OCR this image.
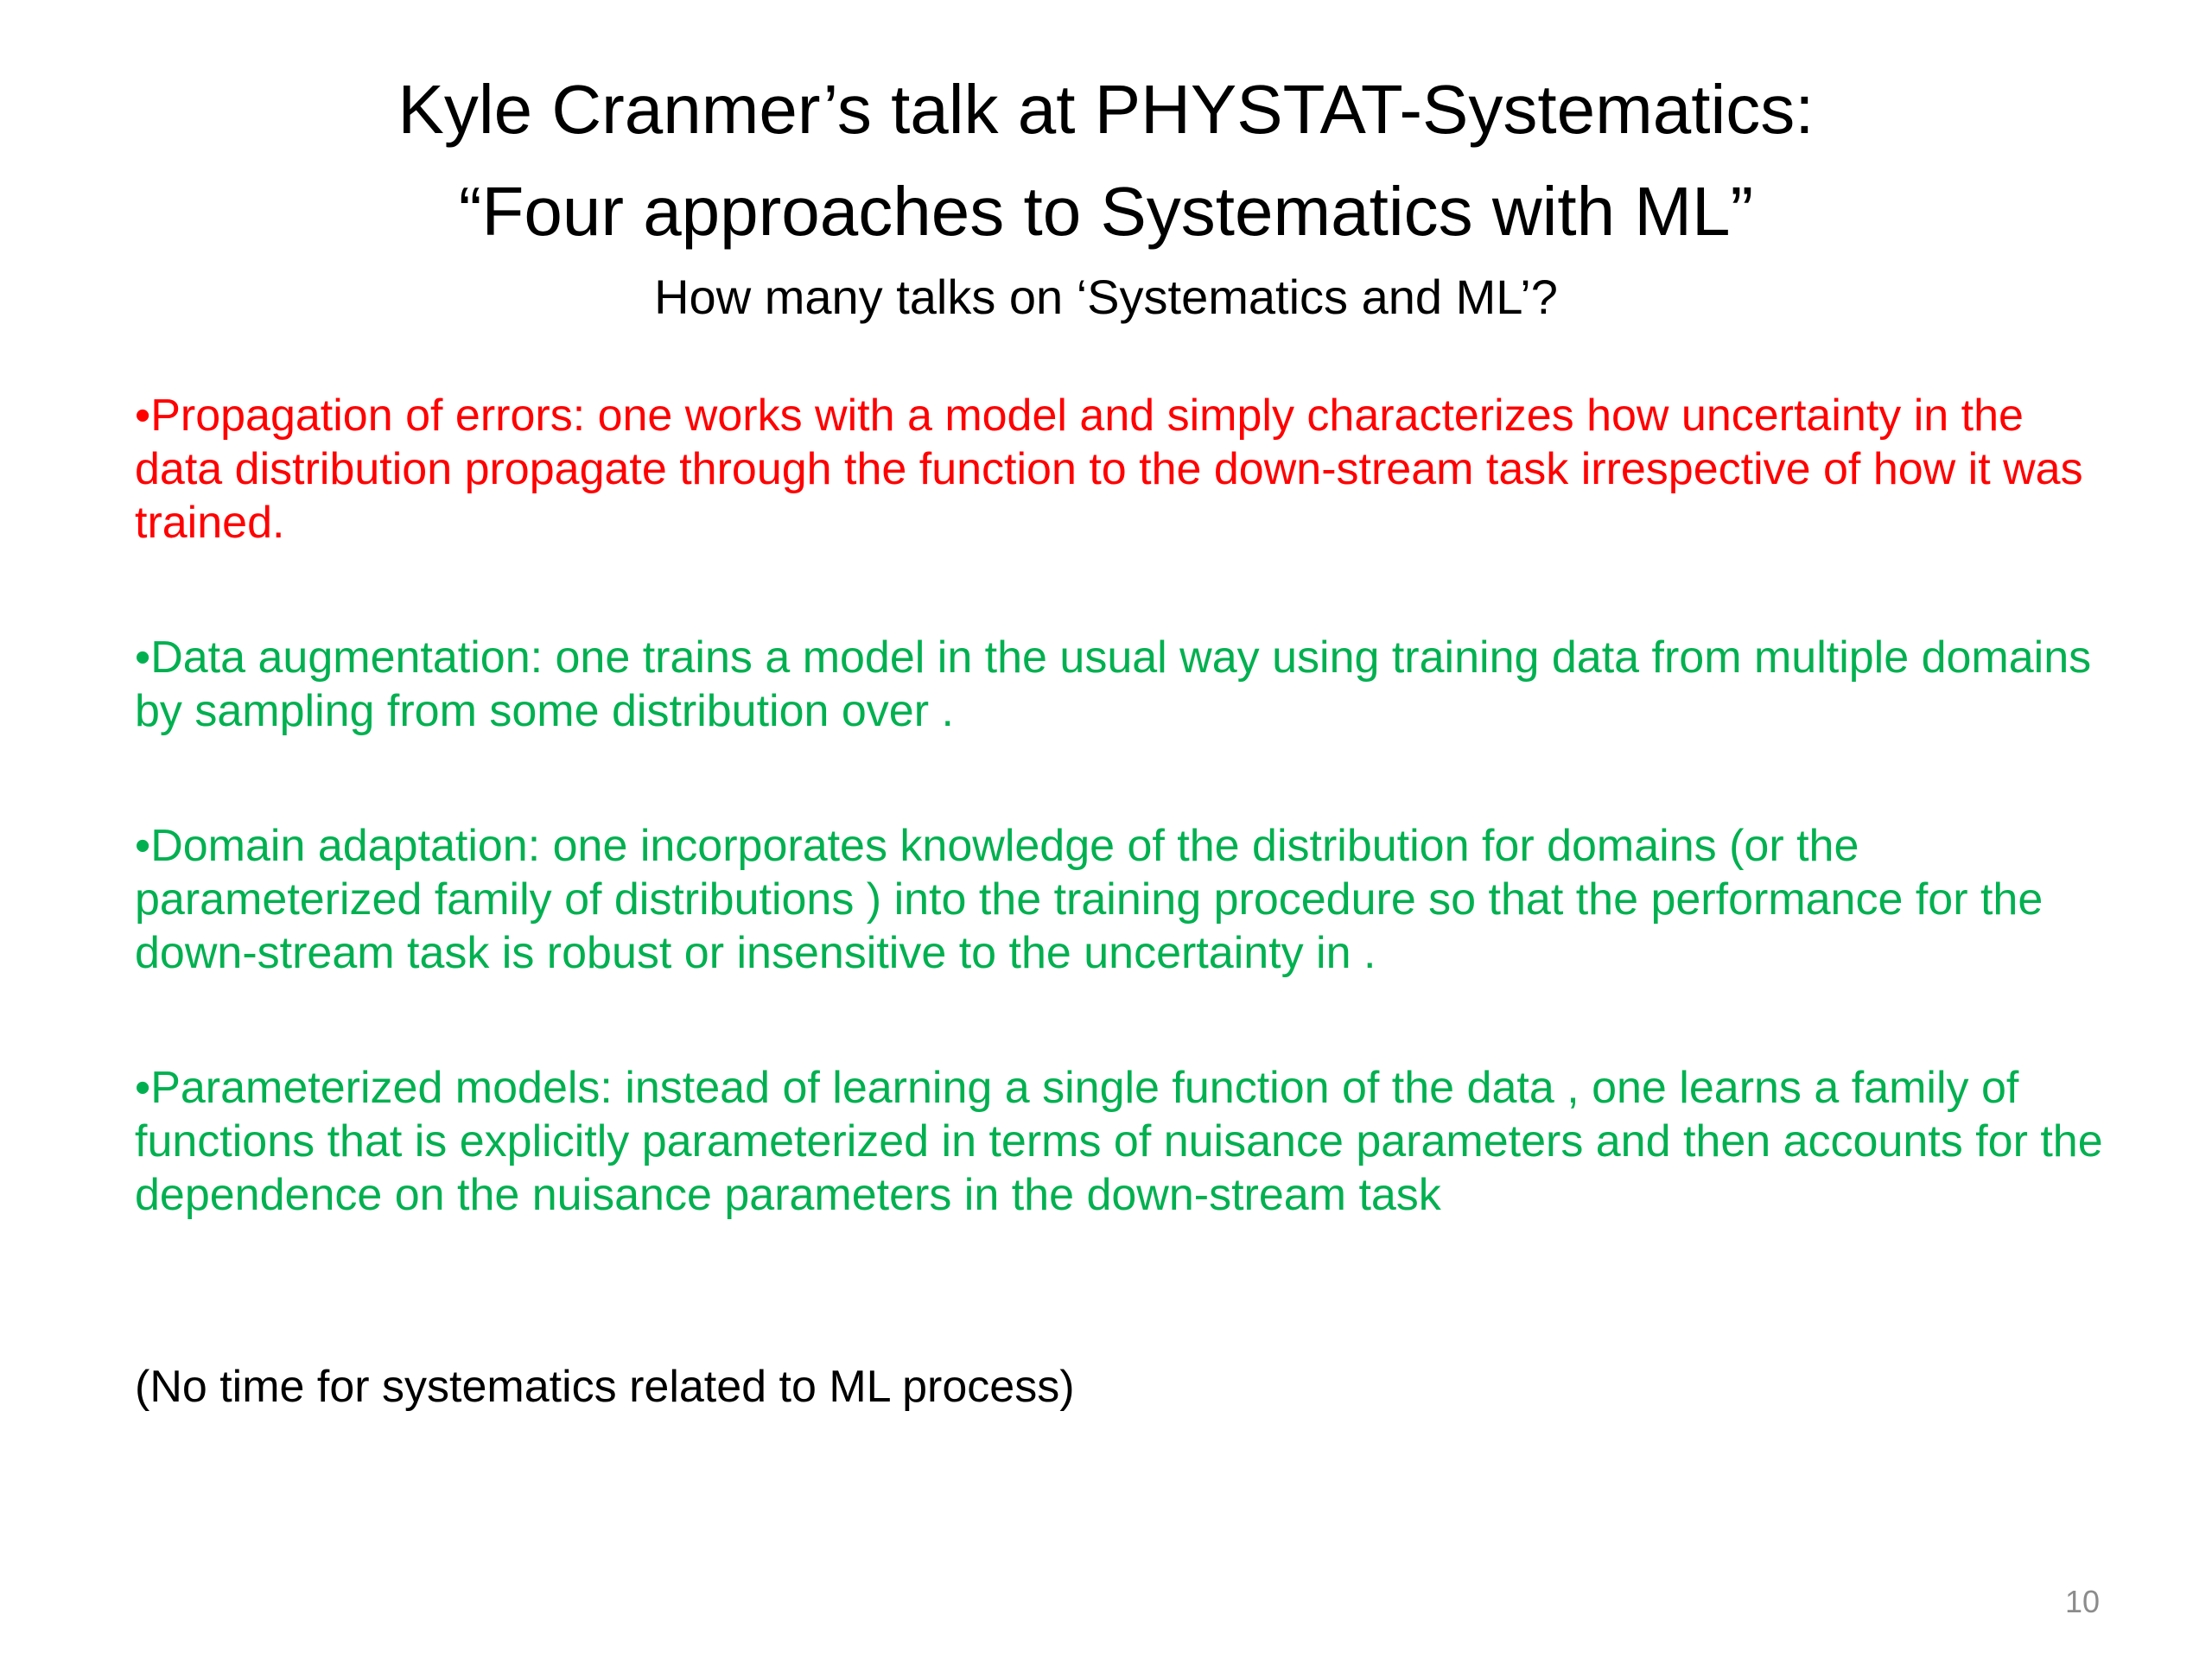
Kyle Cranmer’s talk at PHYSTAT-Systematics:
“Four approaches to Systematics with ML”
How many talks on ‘Systematics and ML’?

•Propagation of errors: one works with a model and simply characterizes how uncertainty in the data distribution propagate through the function to the down-stream task irrespective of how it was trained.

•Data augmentation: one trains a model in the usual way using training data from multiple domains by sampling from some distribution over .

•Domain adaptation: one incorporates knowledge of the distribution for domains (or the parameterized family of distributions ) into the training procedure so that the performance for the down-stream task is robust or insensitive to the uncertainty in .

•Parameterized models: instead of learning a single function of the data , one learns a family of functions that is explicitly parameterized in terms of nuisance parameters and then accounts for the dependence on the nuisance parameters in the down-stream task

(No time for systematics related to ML process)
10
